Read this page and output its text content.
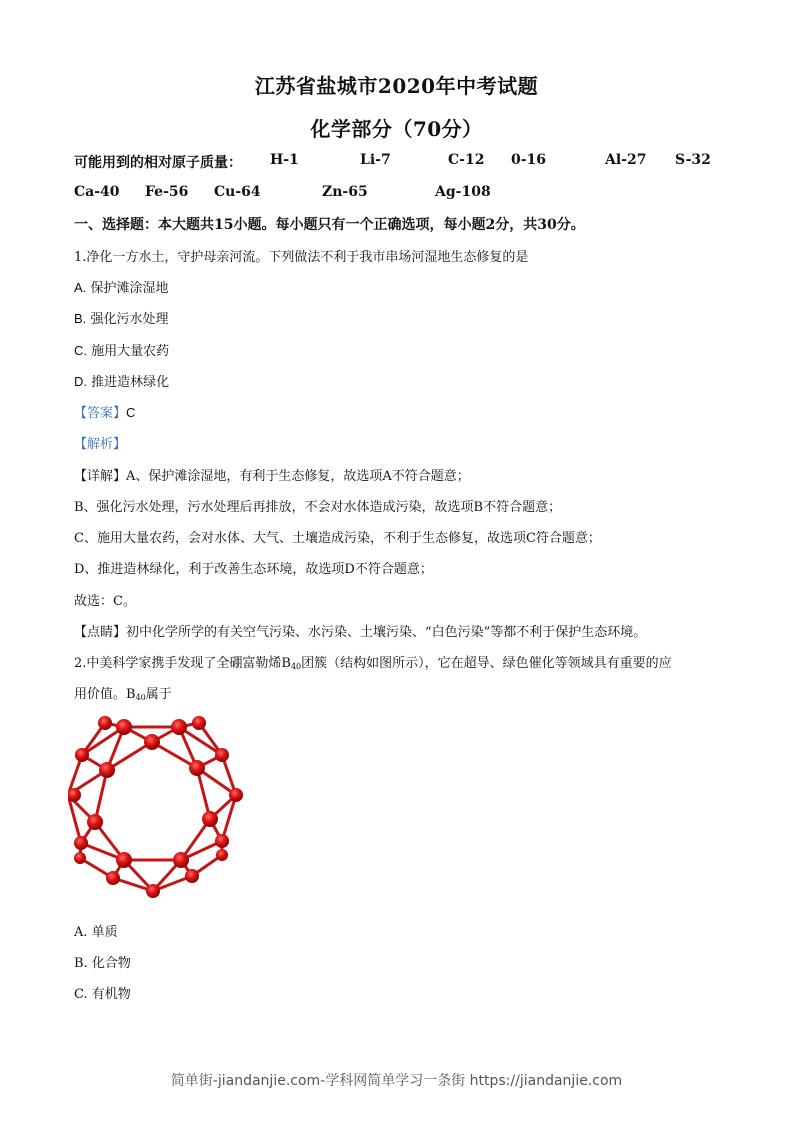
江苏省盐城市2020年中考试题
化学部分（70分）
可能用到的相对原子质量： H-1	Li-7	C-12 0-16	Al-27 S-32
Ca-40 Fe-56 Cu-64	Zn-65	Ag-108
一、选择题：本大题共15小题。每小题只有一个正确选项，每小题2分，共30分。
1.净化一方水土，守护母亲河流。下列做法不利于我市串场河湿地生态修复的是
A. 保护滩涂湿地
B. 强化污水处理
C. 施用大量农药
D. 推进造林绿化
【答案】C
【解析】
【详解】A、保护滩涂湿地，有利于生态修复，故选项A不符合题意；
B、强化污水处理，污水处理后再排放，不会对水体造成污染，故选项B不符合题意；
C、施用大量农药，会对水体、大气、土壤造成污染，不利于生态修复，故选项C符合题意；
D、推进造林绿化，利于改善生态环境，故选项D不符合题意；
故选：C。
【点睛】初中化学所学的有关空气污染、水污染、土壤污染、“白色污染”等都不利于保护生态环境。
2.中美科学家携手发现了全硼富勒烯$B_{40}$团簇（结构如图所示），它在超导、绿色催化等领域具有重要的应
用价值。$B_{40}$属于
A. 单质
B. 化合物
C. 有机物
简单街-jiandanjie.com-学科网简单学习一条街 https://jiandanjie.com
